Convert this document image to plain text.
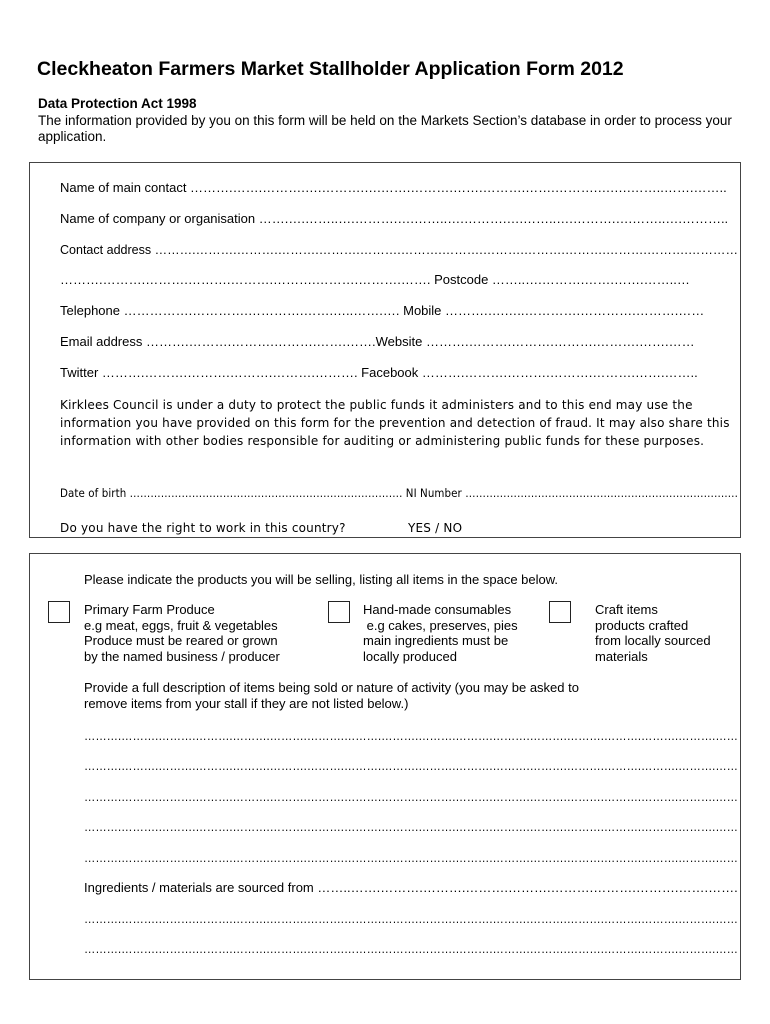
Cleckheaton Farmers Market Stallholder Application Form 2012
Data Protection Act 1998
The information provided by you on this form will be held on the Markets Section’s database in order to process your application.
Name of main contact ……….…….……….….……….….…….……….…….……….…….……….….….……..…….……..
Name of company or organisation …….….……..….……….….……..….……….….……..….……….….……..….………..
Contact address ……….……….……….……….……….……….……….……….……….……….……….……….……….…………
……….……….……….……….……….……….……….……….……. Postcode ……..….……….…….…….……..…
Telephone …………….………….………….…….…..…….…. Mobile ……….….…..………….………….……….……
Email address ……….……….……….……….…….…….Website ……….……….……….……….……….…….……
Twitter ……….……….……….……….……….………. Facebook ……….……….……….……….……….…….……..
Kirklees Council is under a duty to protect the public funds it administers and to this end may use the information you have provided on this form for the prevention and detection of fraud. It may also share this information with other bodies responsible for auditing or administering public funds for these purposes.
Date of birth ……………………………………………………………………. NI Number …………………………………………………………………….
Do you have the right to work in this country?	YES / NO
Please indicate the products you will be selling, listing all items in the space below.
Primary Farm Produce
e.g meat, eggs, fruit & vegetables
Produce must be reared or grown
by the named business / producer
Hand-made consumables
e.g cakes, preserves, pies
main ingredients must be
locally produced
Craft items
products crafted
from locally sourced
materials
Provide a full description of items being sold or nature of activity (you may be asked to
remove items from your stall if they are not listed below.)
……….……….……….……….……….……….……….……….……….……….……….……….……….……….……….……….……….……
……….……….……….……….……….……….……….……….……….……….……….……….……….……….……….……….……….……
……….……….……….……….……….……….……….……….……….……….……….……….……….……….……….……….……….……
……….……….……….……….……….……….……….……….……….……….……….……….……….……….……….……….……….……
……….……….……….……….……….……….……….……….……….……….……….……….……….……….……….……….……….……
Ingredients / materials are sourced from ……..…….……….……….……….……….……….……….……….…….…….
……….……….……….……….……….……….……….……….……….……….……….……….……….……….……….……….……….……
……….……….……….……….……….……….……….……….……….……….……….……….……….……….……….……….……….……
